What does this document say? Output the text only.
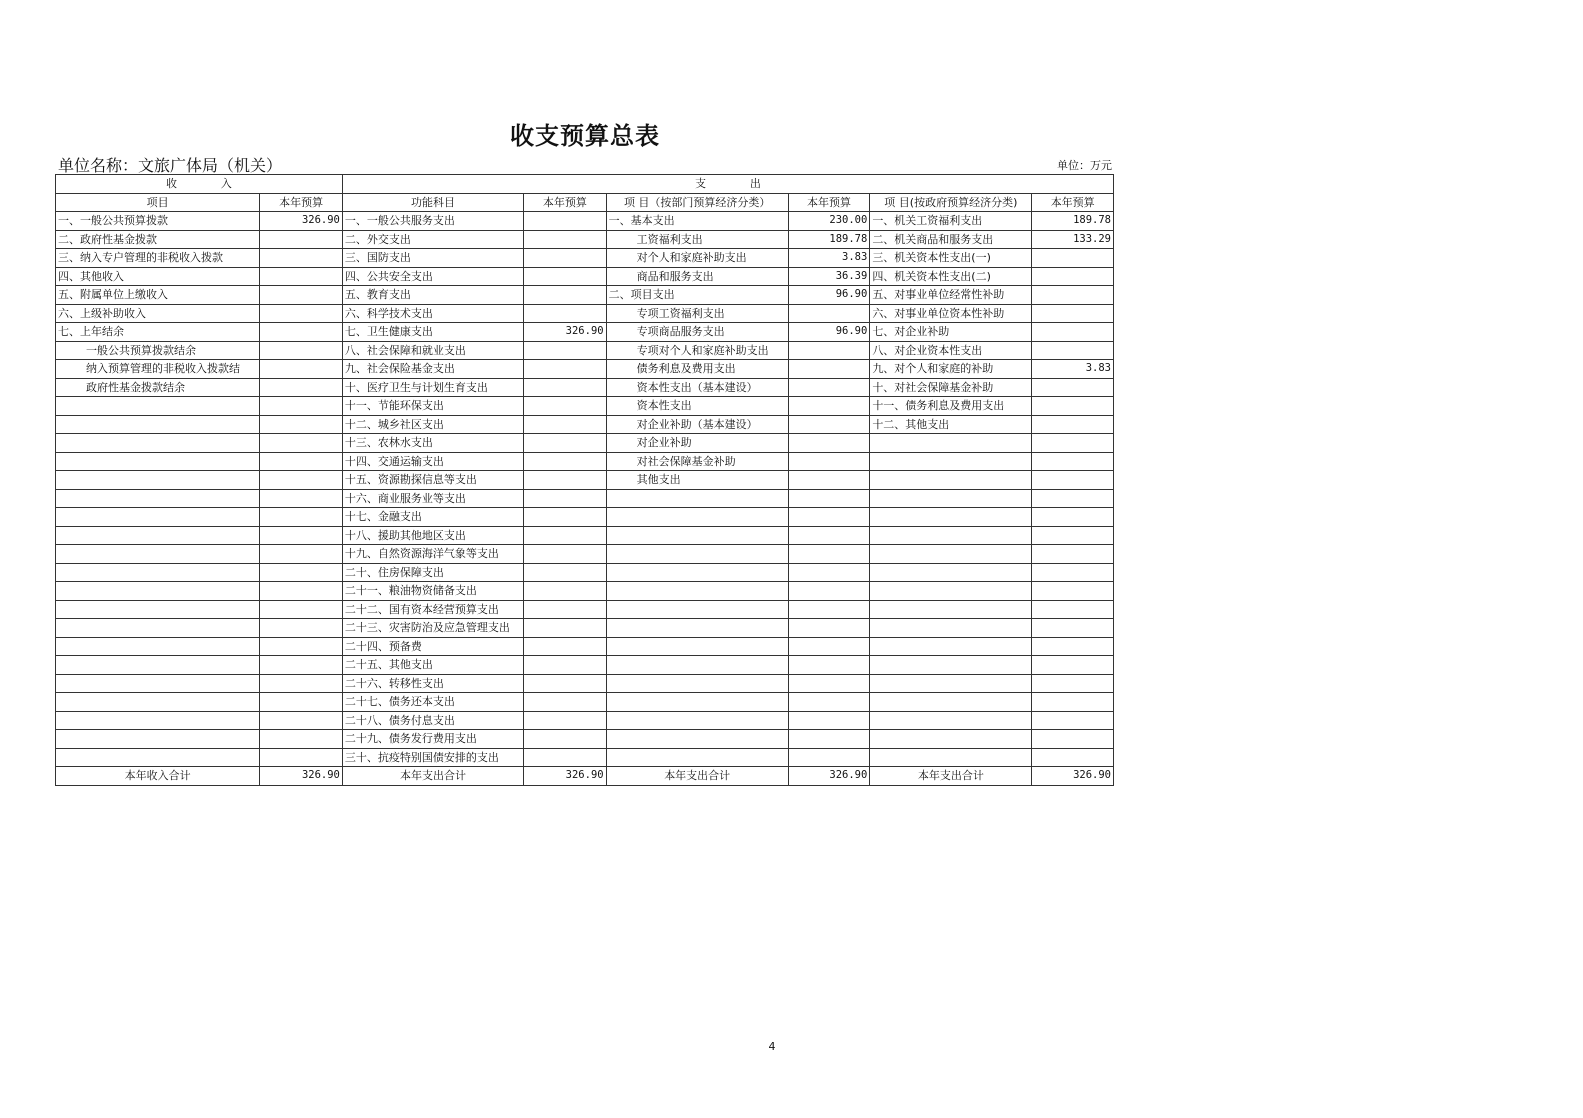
收支预算总表
单位名称：文旅广体局（机关）	单位：万元
收　　　　入		支　　　　出					
项目	本年预算	功能科目	本年预算	项 目（按部门预算经济分类）	本年预算	项 目(按政府预算经济分类)	本年预算
一、一般公共预算拨款	326.90	一、一般公共服务支出		一、基本支出	230.00	一、机关工资福利支出	189.78
二、政府性基金拨款		二、外交支出		工资福利支出	189.78	二、机关商品和服务支出	133.29
三、纳入专户管理的非税收入拨款		三、国防支出		对个人和家庭补助支出	3.83	三、机关资本性支出(一)	
四、其他收入		四、公共安全支出		商品和服务支出	36.39	四、机关资本性支出(二)	
五、附属单位上缴收入		五、教育支出		二、项目支出	96.90	五、对事业单位经常性补助	
六、上级补助收入		六、科学技术支出		专项工资福利支出		六、对事业单位资本性补助	
七、上年结余		七、卫生健康支出	326.90	专项商品服务支出	96.90	七、对企业补助	
一般公共预算拨款结余		八、社会保障和就业支出		专项对个人和家庭补助支出		八、对企业资本性支出	
纳入预算管理的非税收入拨款结		九、社会保险基金支出		债务利息及费用支出		九、对个人和家庭的补助	3.83
政府性基金拨款结余		十、医疗卫生与计划生育支出		资本性支出（基本建设）		十、对社会保障基金补助	
		十一、节能环保支出		资本性支出		十一、债务利息及费用支出	
		十二、城乡社区支出		对企业补助（基本建设）		十二、其他支出	
		十三、农林水支出		对企业补助			
		十四、交通运输支出		对社会保障基金补助			
		十五、资源勘探信息等支出		其他支出			
		十六、商业服务业等支出					
		十七、金融支出					
		十八、援助其他地区支出					
		十九、自然资源海洋气象等支出					
		二十、住房保障支出					
		二十一、粮油物资储备支出					
		二十二、国有资本经营预算支出					
		二十三、灾害防治及应急管理支出					
		二十四、预备费					
		二十五、其他支出					
		二十六、转移性支出					
		二十七、债务还本支出					
		二十八、债务付息支出					
		二十九、债务发行费用支出					
		三十、抗疫特别国债安排的支出					
本年收入合计	326.90	本年支出合计	326.90	本年支出合计	326.90	本年支出合计	326.90
4
